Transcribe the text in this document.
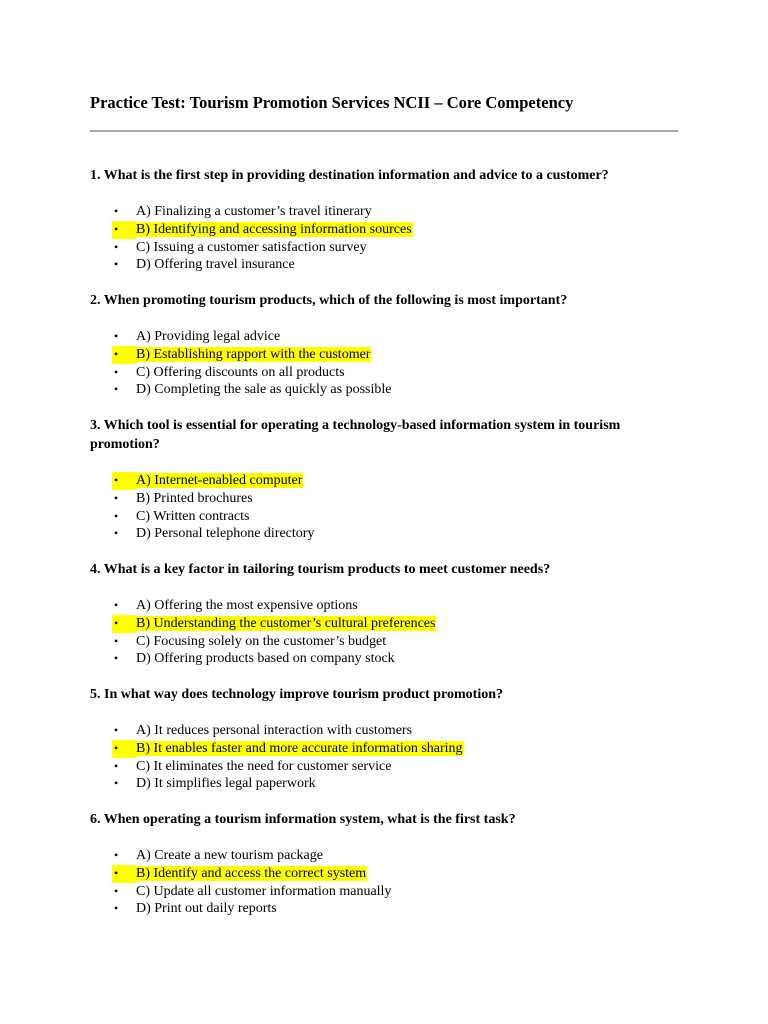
Practice Test: Tourism Promotion Services NCII – Core Competency

1. What is the first step in providing destination information and advice to a customer?

• A) Finalizing a customer’s travel itinerary
•	B) Identifying and accessing information sources
• C) Issuing a customer satisfaction survey
• D) Offering travel insurance

2. When promoting tourism products, which of the following is most important?

• A) Providing legal advice
•	B) Establishing rapport with the customer
• C) Offering discounts on all products
• D) Completing the sale as quickly as possible

3. Which tool is essential for operating a technology-based information system in tourism promotion?

•	A) Internet-enabled computer
• B) Printed brochures
• C) Written contracts
• D) Personal telephone directory

4. What is a key factor in tailoring tourism products to meet customer needs?

• A) Offering the most expensive options
•	B) Understanding the customer’s cultural preferences
• C) Focusing solely on the customer’s budget
• D) Offering products based on company stock

5. In what way does technology improve tourism product promotion?

• A) It reduces personal interaction with customers
•	B) It enables faster and more accurate information sharing
• C) It eliminates the need for customer service
• D) It simplifies legal paperwork

6. When operating a tourism information system, what is the first task?

• A) Create a new tourism package
•	B) Identify and access the correct system
• C) Update all customer information manually
• D) Print out daily reports
